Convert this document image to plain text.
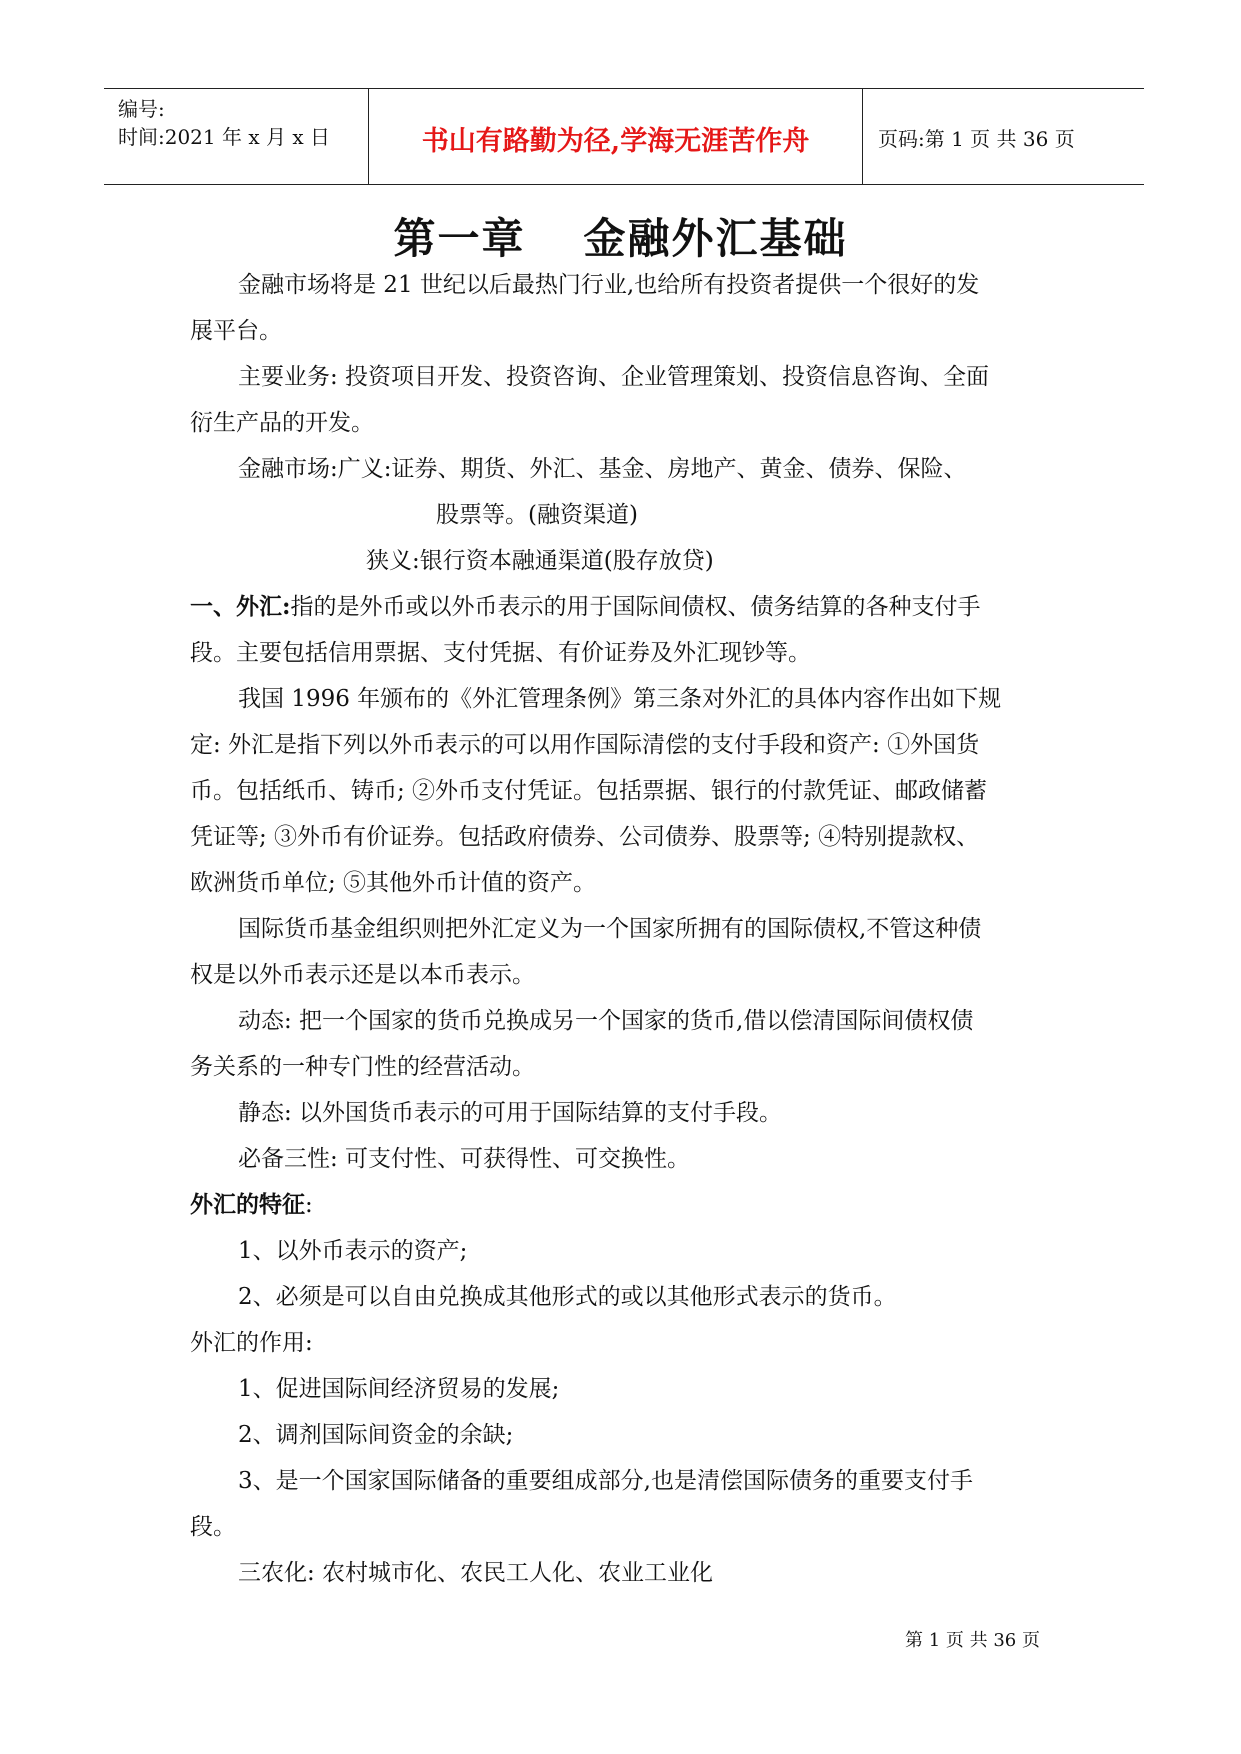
编号:
时间:2021 年 x 月 x 日	书山有路勤为径,学海无涯苦作舟	页码:第 1 页 共 36 页
第一章 金融外汇基础
金融市场将是 21 世纪以后最热门行业,也给所有投资者提供一个很好的发
展平台。
主要业务: 投资项目开发、投资咨询、企业管理策划、投资信息咨询、全面
衍生产品的开发。
金融市场:广义:证券、期货、外汇、基金、房地产、黄金、债券、保险、
股票等。(融资渠道)
狭义:银行资本融通渠道(股存放贷)
一、外汇:指的是外币或以外币表示的用于国际间债权、债务结算的各种支付手
段。主要包括信用票据、支付凭据、有价证券及外汇现钞等。
我国 1996 年颁布的《外汇管理条例》第三条对外汇的具体内容作出如下规
定: 外汇是指下列以外币表示的可以用作国际清偿的支付手段和资产: ①外国货
币。包括纸币、铸币; ②外币支付凭证。包括票据、银行的付款凭证、邮政储蓄
凭证等; ③外币有价证券。包括政府债券、公司债券、股票等; ④特别提款权、
欧洲货币单位; ⑤其他外币计值的资产。
国际货币基金组织则把外汇定义为一个国家所拥有的国际债权,不管这种债
权是以外币表示还是以本币表示。
动态: 把一个国家的货币兑换成另一个国家的货币,借以偿清国际间债权债
务关系的一种专门性的经营活动。
静态: 以外国货币表示的可用于国际结算的支付手段。
必备三性: 可支付性、可获得性、可交换性。
外汇的特征:
1、以外币表示的资产;
2、必须是可以自由兑换成其他形式的或以其他形式表示的货币。
外汇的作用:
1、促进国际间经济贸易的发展;
2、调剂国际间资金的余缺;
3、是一个国家国际储备的重要组成部分,也是清偿国际债务的重要支付手
段。
三农化: 农村城市化、农民工人化、农业工业化
第 1 页 共 36 页
